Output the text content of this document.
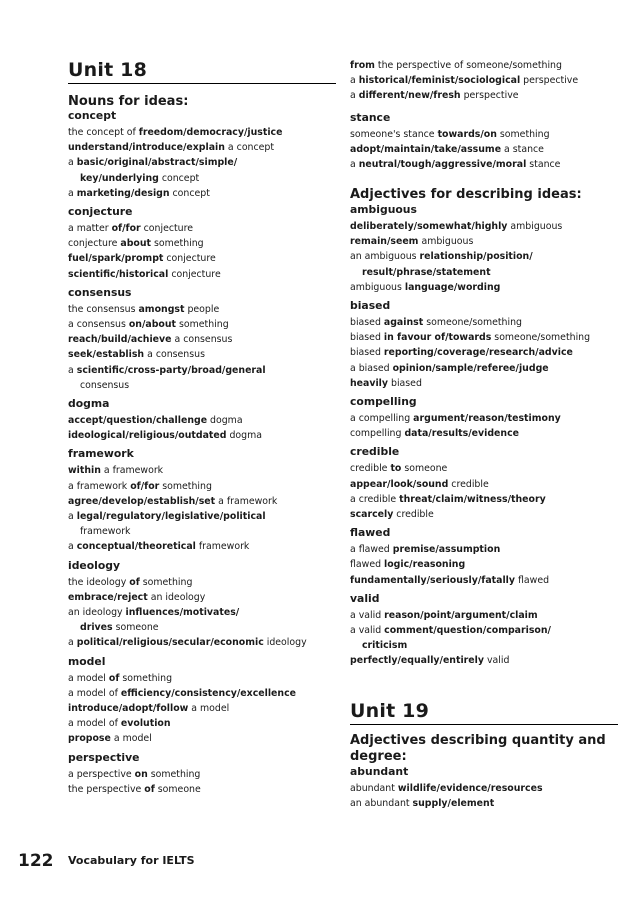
Unit 18
Nouns for ideas:
concept
the concept of freedom/democracy/justice
understand/introduce/explain a concept
a basic/original/abstract/simple/
key/underlying concept
a marketing/design concept
conjecture
a matter of/for conjecture
conjecture about something
fuel/spark/prompt conjecture
scientific/historical conjecture
consensus
the consensus amongst people
a consensus on/about something
reach/build/achieve a consensus
seek/establish a consensus
a scientific/cross-party/broad/general
consensus
dogma
accept/question/challenge dogma
ideological/religious/outdated dogma
framework
within a framework
a framework of/for something
agree/develop/establish/set a framework
a legal/regulatory/legislative/political
framework
a conceptual/theoretical framework
ideology
the ideology of something
embrace/reject an ideology
an ideology influences/motivates/
drives someone
a political/religious/secular/economic ideology
model
a model of something
a model of efficiency/consistency/excellence
introduce/adopt/follow a model
a model of evolution
propose a model
perspective
a perspective on something
the perspective of someone
from the perspective of someone/something
a historical/feminist/sociological perspective
a different/new/fresh perspective
stance
someone's stance towards/on something
adopt/maintain/take/assume a stance
a neutral/tough/aggressive/moral stance
Adjectives for describing ideas:
ambiguous
deliberately/somewhat/highly ambiguous
remain/seem ambiguous
an ambiguous relationship/position/
result/phrase/statement
ambiguous language/wording
biased
biased against someone/something
biased in favour of/towards someone/something
biased reporting/coverage/research/advice
a biased opinion/sample/referee/judge
heavily biased
compelling
a compelling argument/reason/testimony
compelling data/results/evidence
credible
credible to someone
appear/look/sound credible
a credible threat/claim/witness/theory
scarcely credible
flawed
a flawed premise/assumption
flawed logic/reasoning
fundamentally/seriously/fatally flawed
valid
a valid reason/point/argument/claim
a valid comment/question/comparison/
criticism
perfectly/equally/entirely valid
Unit 19
Adjectives describing quantity and
degree:
abundant
abundant wildlife/evidence/resources
an abundant supply/element
122 Vocabulary for IELTS
